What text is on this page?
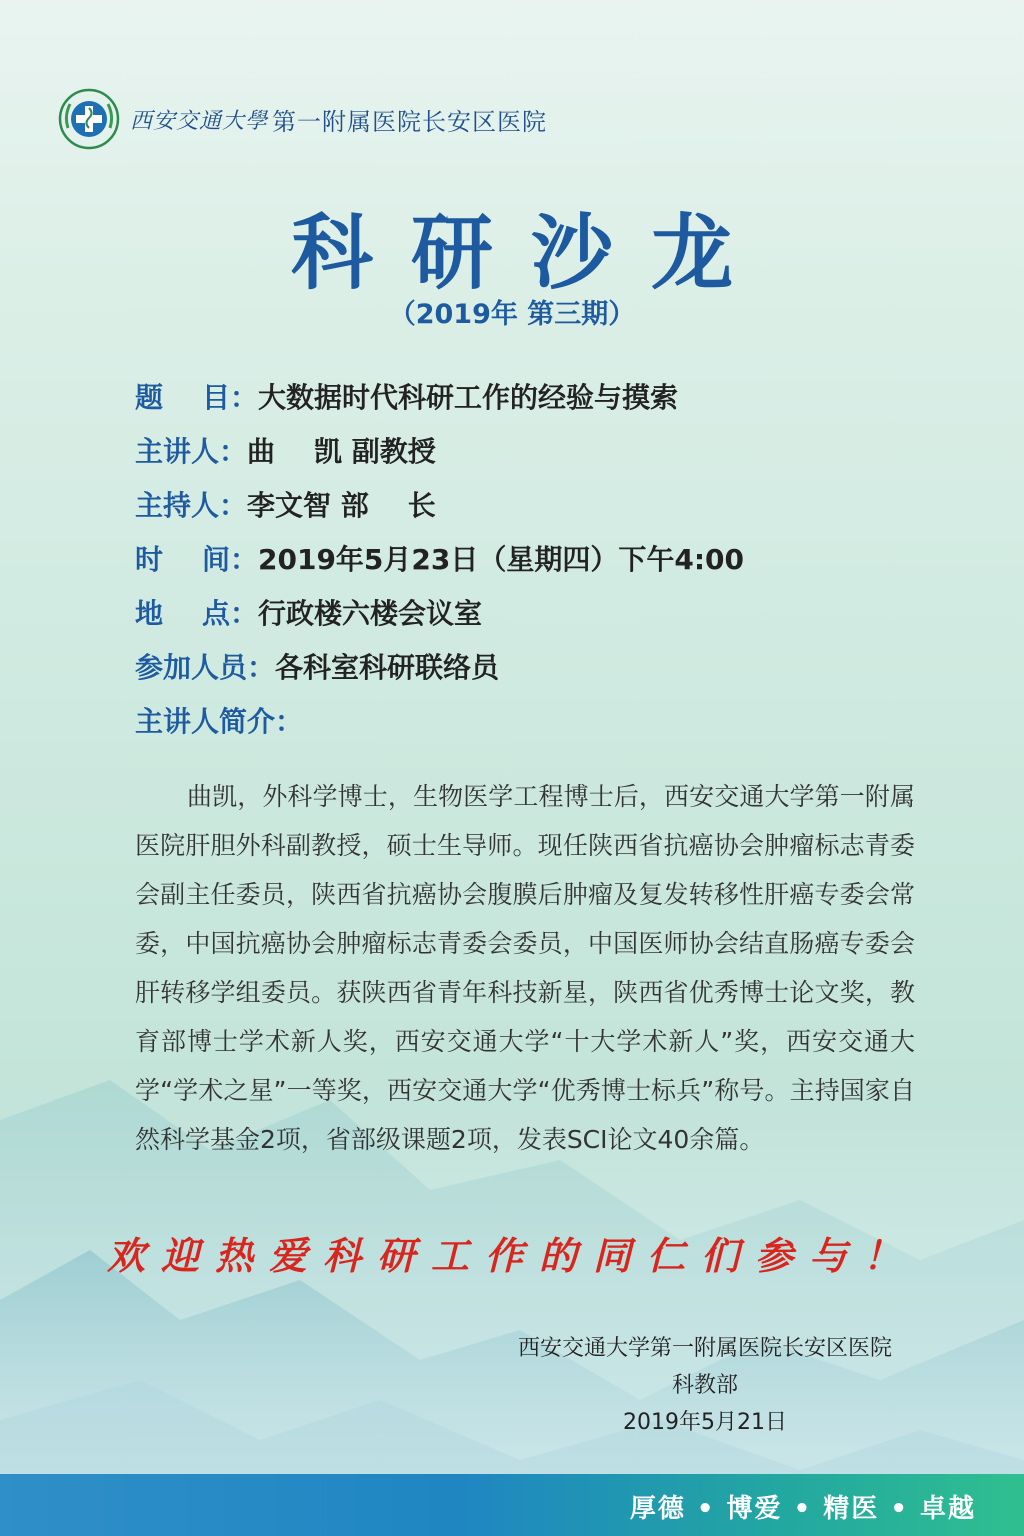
西安交通大學 第一附属医院长安区医院
科研沙龙
（2019年 第三期）
题    目： 大数据时代科研工作的经验与摸索
主讲人： 曲    凯 副教授
主持人： 李文智 部    长
时    间： 2019年5月23日（星期四）下午4:00
地    点： 行政楼六楼会议室
参加人员： 各科室科研联络员
主讲人简介：
曲凯，外科学博士，生物医学工程博士后，西安交通大学第一附属医院肝胆外科副教授，硕士生导师。现任陕西省抗癌协会肿瘤标志青委会副主任委员，陕西省抗癌协会腹膜后肿瘤及复发转移性肝癌专委会常委，中国抗癌协会肿瘤标志青委会委员，中国医师协会结直肠癌专委会肝转移学组委员。获陕西省青年科技新星，陕西省优秀博士论文奖，教育部博士学术新人奖，西安交通大学“十大学术新人”奖，西安交通大学“学术之星”一等奖，西安交通大学“优秀博士标兵”称号。主持国家自然科学基金2项，省部级课题2项，发表SCI论文40余篇。
欢迎热爱科研工作的同仁们参与！
西安交通大学第一附属医院长安区医院
科教部
2019年5月21日
厚德 • 博爱 • 精医 • 卓越
